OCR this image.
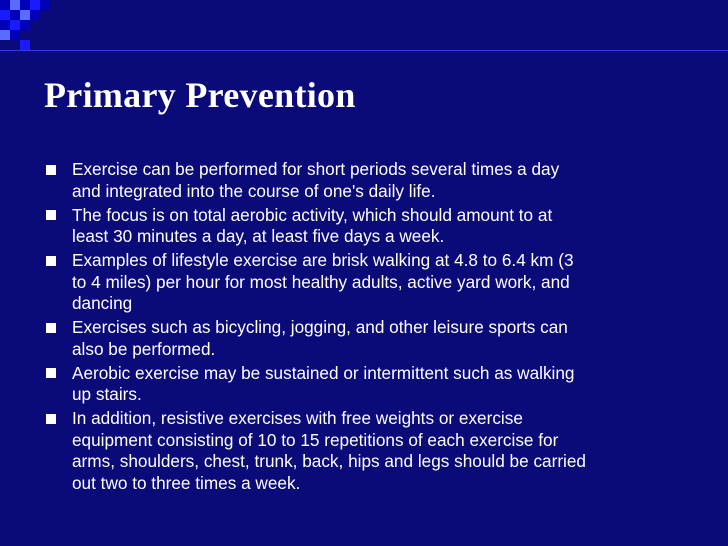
Primary Prevention
Exercise can be performed for short periods several times a day
and integrated into the course of one's daily life.
The focus is on total aerobic activity, which should amount to at
least 30 minutes a day, at least five days a week.
Examples of lifestyle exercise are brisk walking at 4.8 to 6.4 km (3
to 4 miles) per hour for most healthy adults, active yard work, and
dancing
Exercises such as bicycling, jogging, and other leisure sports can
also be performed.
Aerobic exercise may be sustained or intermittent such as walking
up stairs.
In addition, resistive exercises with free weights or exercise
equipment consisting of 10 to 15 repetitions of each exercise for
arms, shoulders, chest, trunk, back, hips and legs should be carried
out two to three times a week.
